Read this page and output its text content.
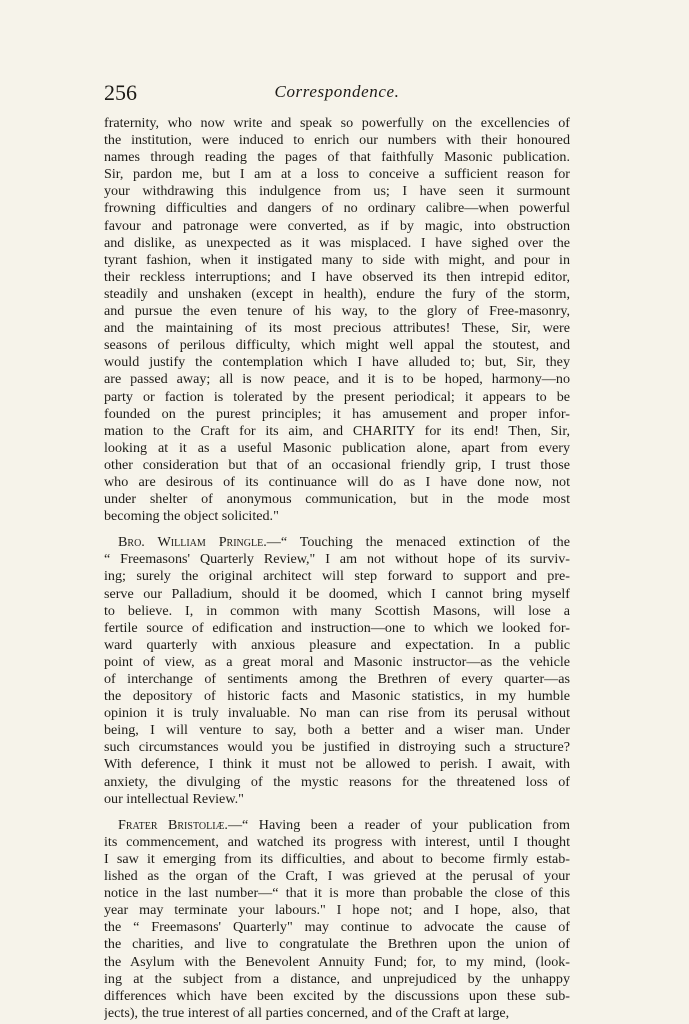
256	Correspondence.
fraternity, who now write and speak so powerfully on the excellencies of
the institution, were induced to enrich our numbers with their honoured
names through reading the pages of that faithfully Masonic publication.
Sir, pardon me, but I am at a loss to conceive a sufficient reason for
your withdrawing this indulgence from us; I have seen it surmount
frowning difficulties and dangers of no ordinary calibre—when powerful
favour and patronage were converted, as if by magic, into obstruction
and dislike, as unexpected as it was misplaced. I have sighed over the
tyrant fashion, when it instigated many to side with might, and pour in
their reckless interruptions; and I have observed its then intrepid editor,
steadily and unshaken (except in health), endure the fury of the storm,
and pursue the even tenure of his way, to the glory of Free-masonry,
and the maintaining of its most precious attributes! These, Sir, were
seasons of perilous difficulty, which might well appal the stoutest, and
would justify the contemplation which I have alluded to; but, Sir, they
are passed away; all is now peace, and it is to be hoped, harmony—no
party or faction is tolerated by the present periodical; it appears to be
founded on the purest principles; it has amusement and proper infor-
mation to the Craft for its aim, and CHARITY for its end! Then, Sir,
looking at it as a useful Masonic publication alone, apart from every
other consideration but that of an occasional friendly grip, I trust those
who are desirous of its continuance will do as I have done now, not
under shelter of anonymous communication, but in the mode most
becoming the object solicited."
Bro. William Pringle.—“ Touching the menaced extinction of the
“ Freemasons' Quarterly Review," I am not without hope of its surviv-
ing; surely the original architect will step forward to support and pre-
serve our Palladium, should it be doomed, which I cannot bring myself
to believe. I, in common with many Scottish Masons, will lose a
fertile source of edification and instruction—one to which we looked for-
ward quarterly with anxious pleasure and expectation. In a public
point of view, as a great moral and Masonic instructor—as the vehicle
of interchange of sentiments among the Brethren of every quarter—as
the depository of historic facts and Masonic statistics, in my humble
opinion it is truly invaluable. No man can rise from its perusal without
being, I will venture to say, both a better and a wiser man. Under
such circumstances would you be justified in distroying such a structure?
With deference, I think it must not be allowed to perish. I await, with
anxiety, the divulging of the mystic reasons for the threatened loss of
our intellectual Review."
Frater Bristoliæ.—“ Having been a reader of your publication from
its commencement, and watched its progress with interest, until I thought
I saw it emerging from its difficulties, and about to become firmly estab-
lished as the organ of the Craft, I was grieved at the perusal of your
notice in the last number—“ that it is more than probable the close of this
year may terminate your labours." I hope not; and I hope, also, that
the “ Freemasons' Quarterly" may continue to advocate the cause of
the charities, and live to congratulate the Brethren upon the union of
the Asylum with the Benevolent Annuity Fund; for, to my mind, (look-
ing at the subject from a distance, and unprejudiced by the unhappy
differences which have been excited by the discussions upon these sub-
jects), the true interest of all parties concerned, and of the Craft at large,
